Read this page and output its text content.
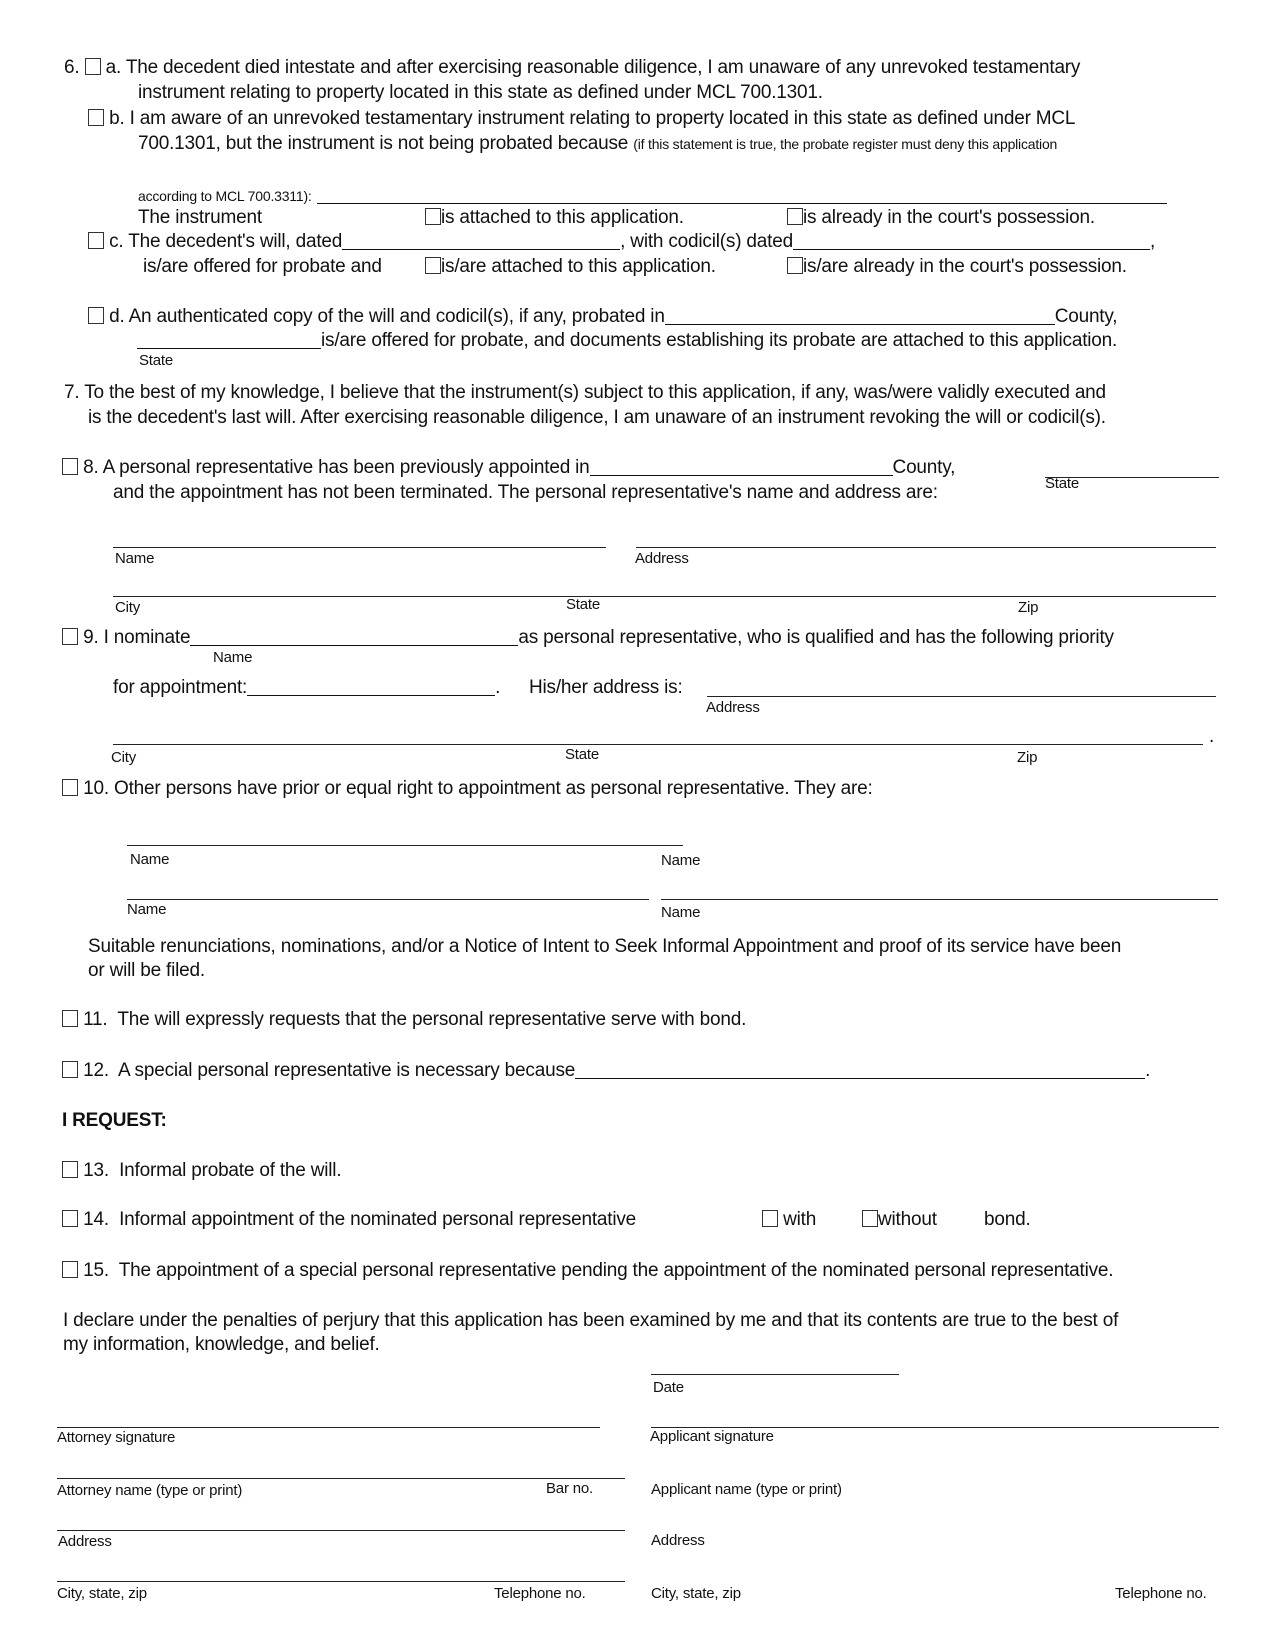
6. a. The decedent died intestate and after exercising reasonable diligence, I am unaware of any unrevoked testamentary
instrument relating to property located in this state as defined under MCL 700.1301.
b. I am aware of an unrevoked testamentary instrument relating to property located in this state as defined under MCL
700.1301, but the instrument is not being probated because (if this statement is true, the probate register must deny this application
according to MCL 700.3311):
The instrument	is attached to this application.	is already in the court's possession.
c. The decedent's will, dated	, with codicil(s) dated	,
is/are offered for probate and	is/are attached to this application.	is/are already in the court's possession.
d. An authenticated copy of the will and codicil(s), if any, probated in	County,
is/are offered for probate, and documents establishing its probate are attached to this application.
State
7. To the best of my knowledge, I believe that the instrument(s) subject to this application, if any, was/were validly executed and
is the decedent's last will. After exercising reasonable diligence, I am unaware of an instrument revoking the will or codicil(s).
8. A personal representative has been previously appointed in	County,
State
and the appointment has not been terminated. The personal representative's name and address are:
Name	Address
City	State	Zip
9. I nominate	as personal representative, who is qualified and has the following priority
Name
for appointment:	. His/her address is:
Address
.
City	State	Zip
10. Other persons have prior or equal right to appointment as personal representative. They are:
Name	Name
Name	Name
Suitable renunciations, nominations, and/or a Notice of Intent to Seek Informal Appointment and proof of its service have been
or will be filed.
11. The will expressly requests that the personal representative serve with bond.
12. A special personal representative is necessary because	.
I REQUEST:
13. Informal probate of the will.
14. Informal appointment of the nominated personal representative	with	without bond.
15. The appointment of a special personal representative pending the appointment of the nominated personal representative.
I declare under the penalties of perjury that this application has been examined by me and that its contents are true to the best of
my information, knowledge, and belief.
Date
Attorney signature	Applicant signature
Attorney name (type or print)	Bar no.	Applicant name (type or print)
Address	Address
City, state, zip	Telephone no.	City, state, zip	Telephone no.
